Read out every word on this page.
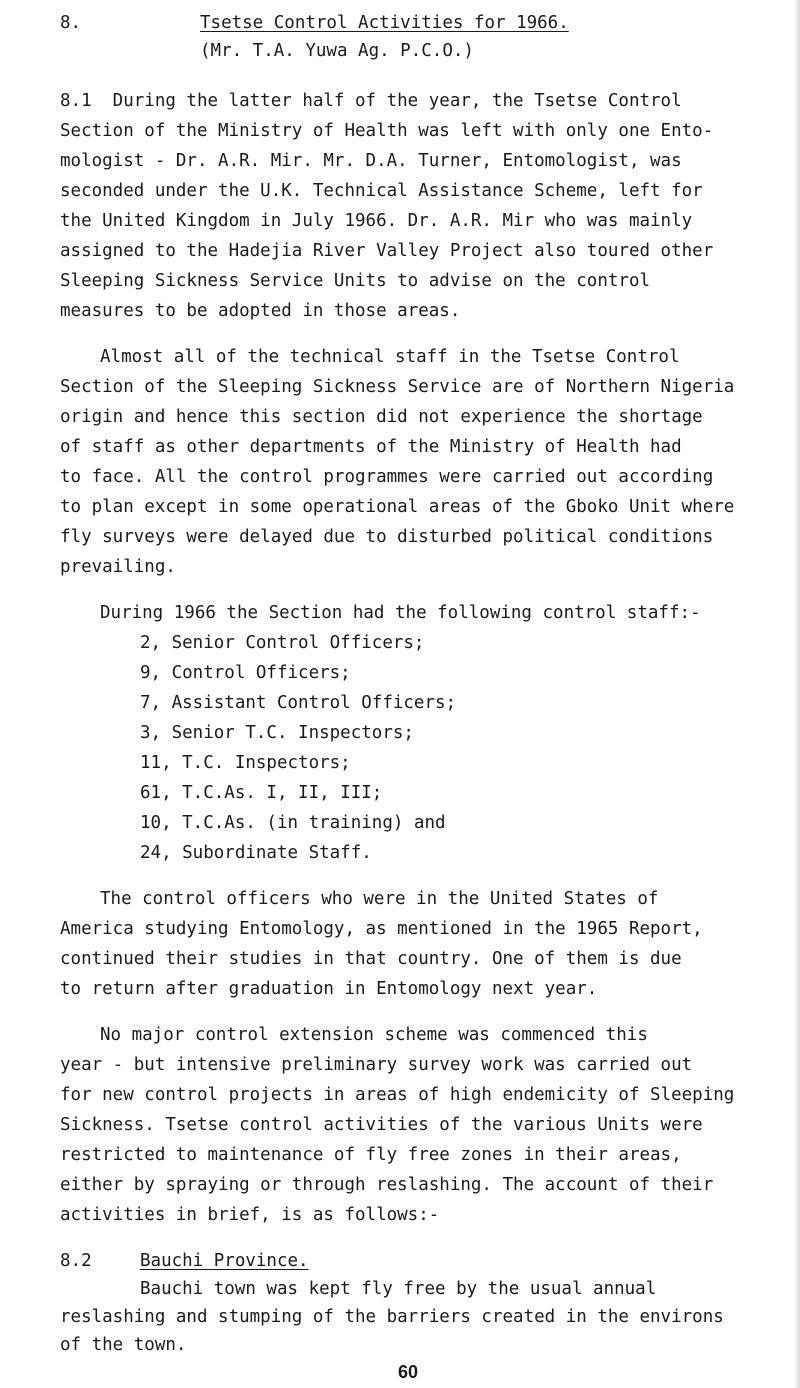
8.	Tsetse Control Activities for 1966.
(Mr. T.A. Yuwa Ag. P.C.O.)
8.1  During the latter half of the year, the Tsetse Control
Section of the Ministry of Health was left with only one Ento-
mologist - Dr. A.R. Mir. Mr. D.A. Turner, Entomologist, was
seconded under the U.K. Technical Assistance Scheme, left for
the United Kingdom in July 1966. Dr. A.R. Mir who was mainly
assigned to the Hadejia River Valley Project also toured other
Sleeping Sickness Service Units to advise on the control
measures to be adopted in those areas.
Almost all of the technical staff in the Tsetse Control
Section of the Sleeping Sickness Service are of Northern Nigeria
origin and hence this section did not experience the shortage
of staff as other departments of the Ministry of Health had
to face. All the control programmes were carried out according
to plan except in some operational areas of the Gboko Unit where
fly surveys were delayed due to disturbed political conditions
prevailing.
During 1966 the Section had the following control staff:-
2, Senior Control Officers;
9, Control Officers;
7, Assistant Control Officers;
3, Senior T.C. Inspectors;
11, T.C. Inspectors;
61, T.C.As. I, II, III;
10, T.C.As. (in training) and
24, Subordinate Staff.
The control officers who were in the United States of
America studying Entomology, as mentioned in the 1965 Report,
continued their studies in that country. One of them is due
to return after graduation in Entomology next year.
No major control extension scheme was commenced this
year - but intensive preliminary survey work was carried out
for new control projects in areas of high endemicity of Sleeping
Sickness. Tsetse control activities of the various Units were
restricted to maintenance of fly free zones in their areas,
either by spraying or through reslashing. The account of their
activities in brief, is as follows:-
8.2	Bauchi Province.
Bauchi town was kept fly free by the usual annual
reslashing and stumping of the barriers created in the environs
of the town.
60
